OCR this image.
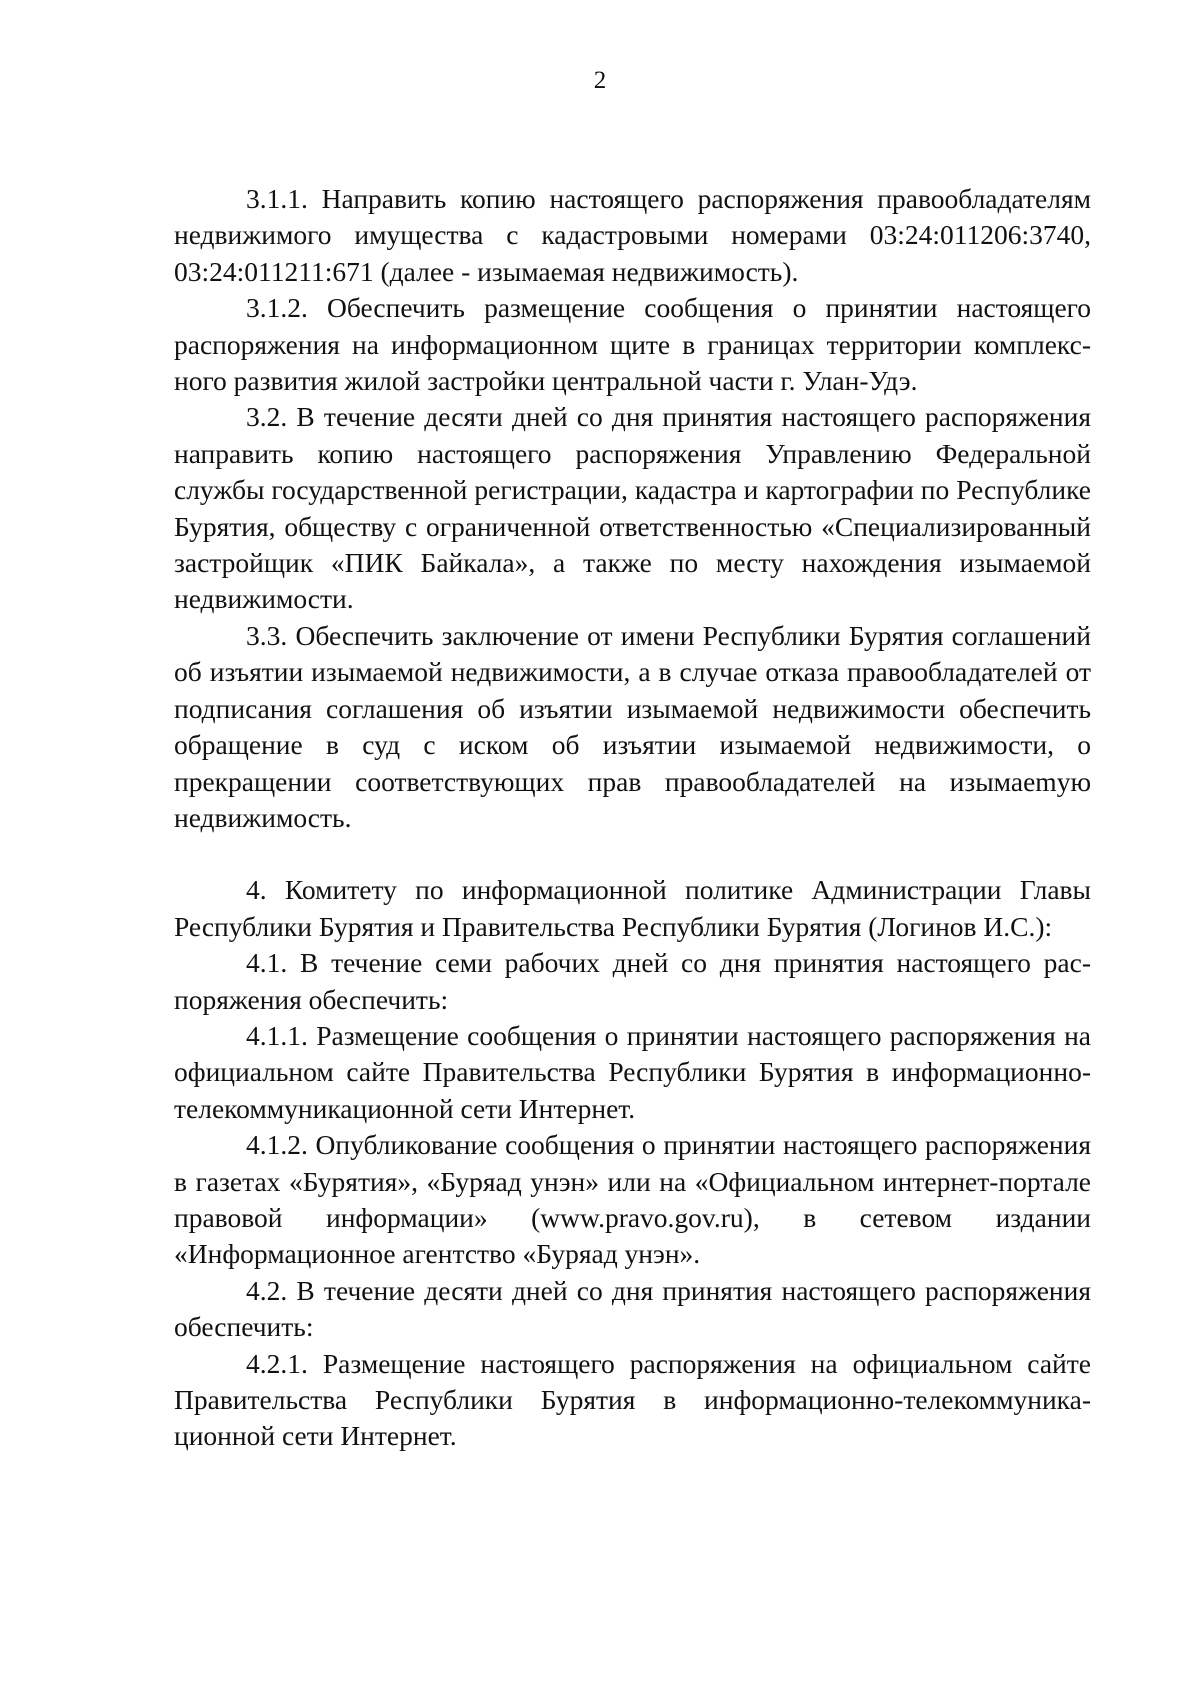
2

3.1.1. Направить копию настоящего распоряжения правообладателям недвижимого имущества с кадастровыми номерами 03:24:011206:3740, 03:24:011211:671 (далее - изымаемая недвижимость).

3.1.2. Обеспечить размещение сообщения о принятии настоящего распоряжения на информационном щите в границах территории комплексного развития жилой застройки центральной части г. Улан-Удэ.

3.2. В течение десяти дней со дня принятия настоящего распоряжения направить копию настоящего распоряжения Управлению Федеральной службы государственной регистрации, кадастра и картографии по Республике Бурятия, обществу с ограниченной ответственностью «Специализированный застройщик «ПИК Байкала», а также по месту нахождения изымаемой недвижимости.

3.3. Обеспечить заключение от имени Республики Бурятия соглашений об изъятии изымаемой недвижимости, а в случае отказа правообладателей от подписания соглашения об изъятии изымаемой недвижимости обеспечить обращение в суд с иском об изъятии изымаемой недвижимости, о прекращении соответствующих прав правообладателей на изымаеmую недвижимость.

4. Комитету по информационной политике Администрации Главы Республики Бурятия и Правительства Республики Бурятия (Логинов И.С.):

4.1. В течение семи рабочих дней со дня принятия настоящего распоряжения обеспечить:

4.1.1. Размещение сообщения о принятии настоящего распоряжения на официальном сайте Правительства Республики Бурятия в информационно-телекоммуникационной сети Интернет.

4.1.2. Опубликование сообщения о принятии настоящего распоряжения в газетах «Бурятия», «Буряад унэн» или на «Официальном интернет-портале правовой информации» (www.pravo.gov.ru), в сетевом издании «Информационное агентство «Буряад унэн».

4.2. В течение десяти дней со дня принятия настоящего распоряжения обеспечить:

4.2.1. Размещение настоящего распоряжения на официальном сайте Правительства Республики Бурятия в информационно-телекоммуникационной сети Интернет.
